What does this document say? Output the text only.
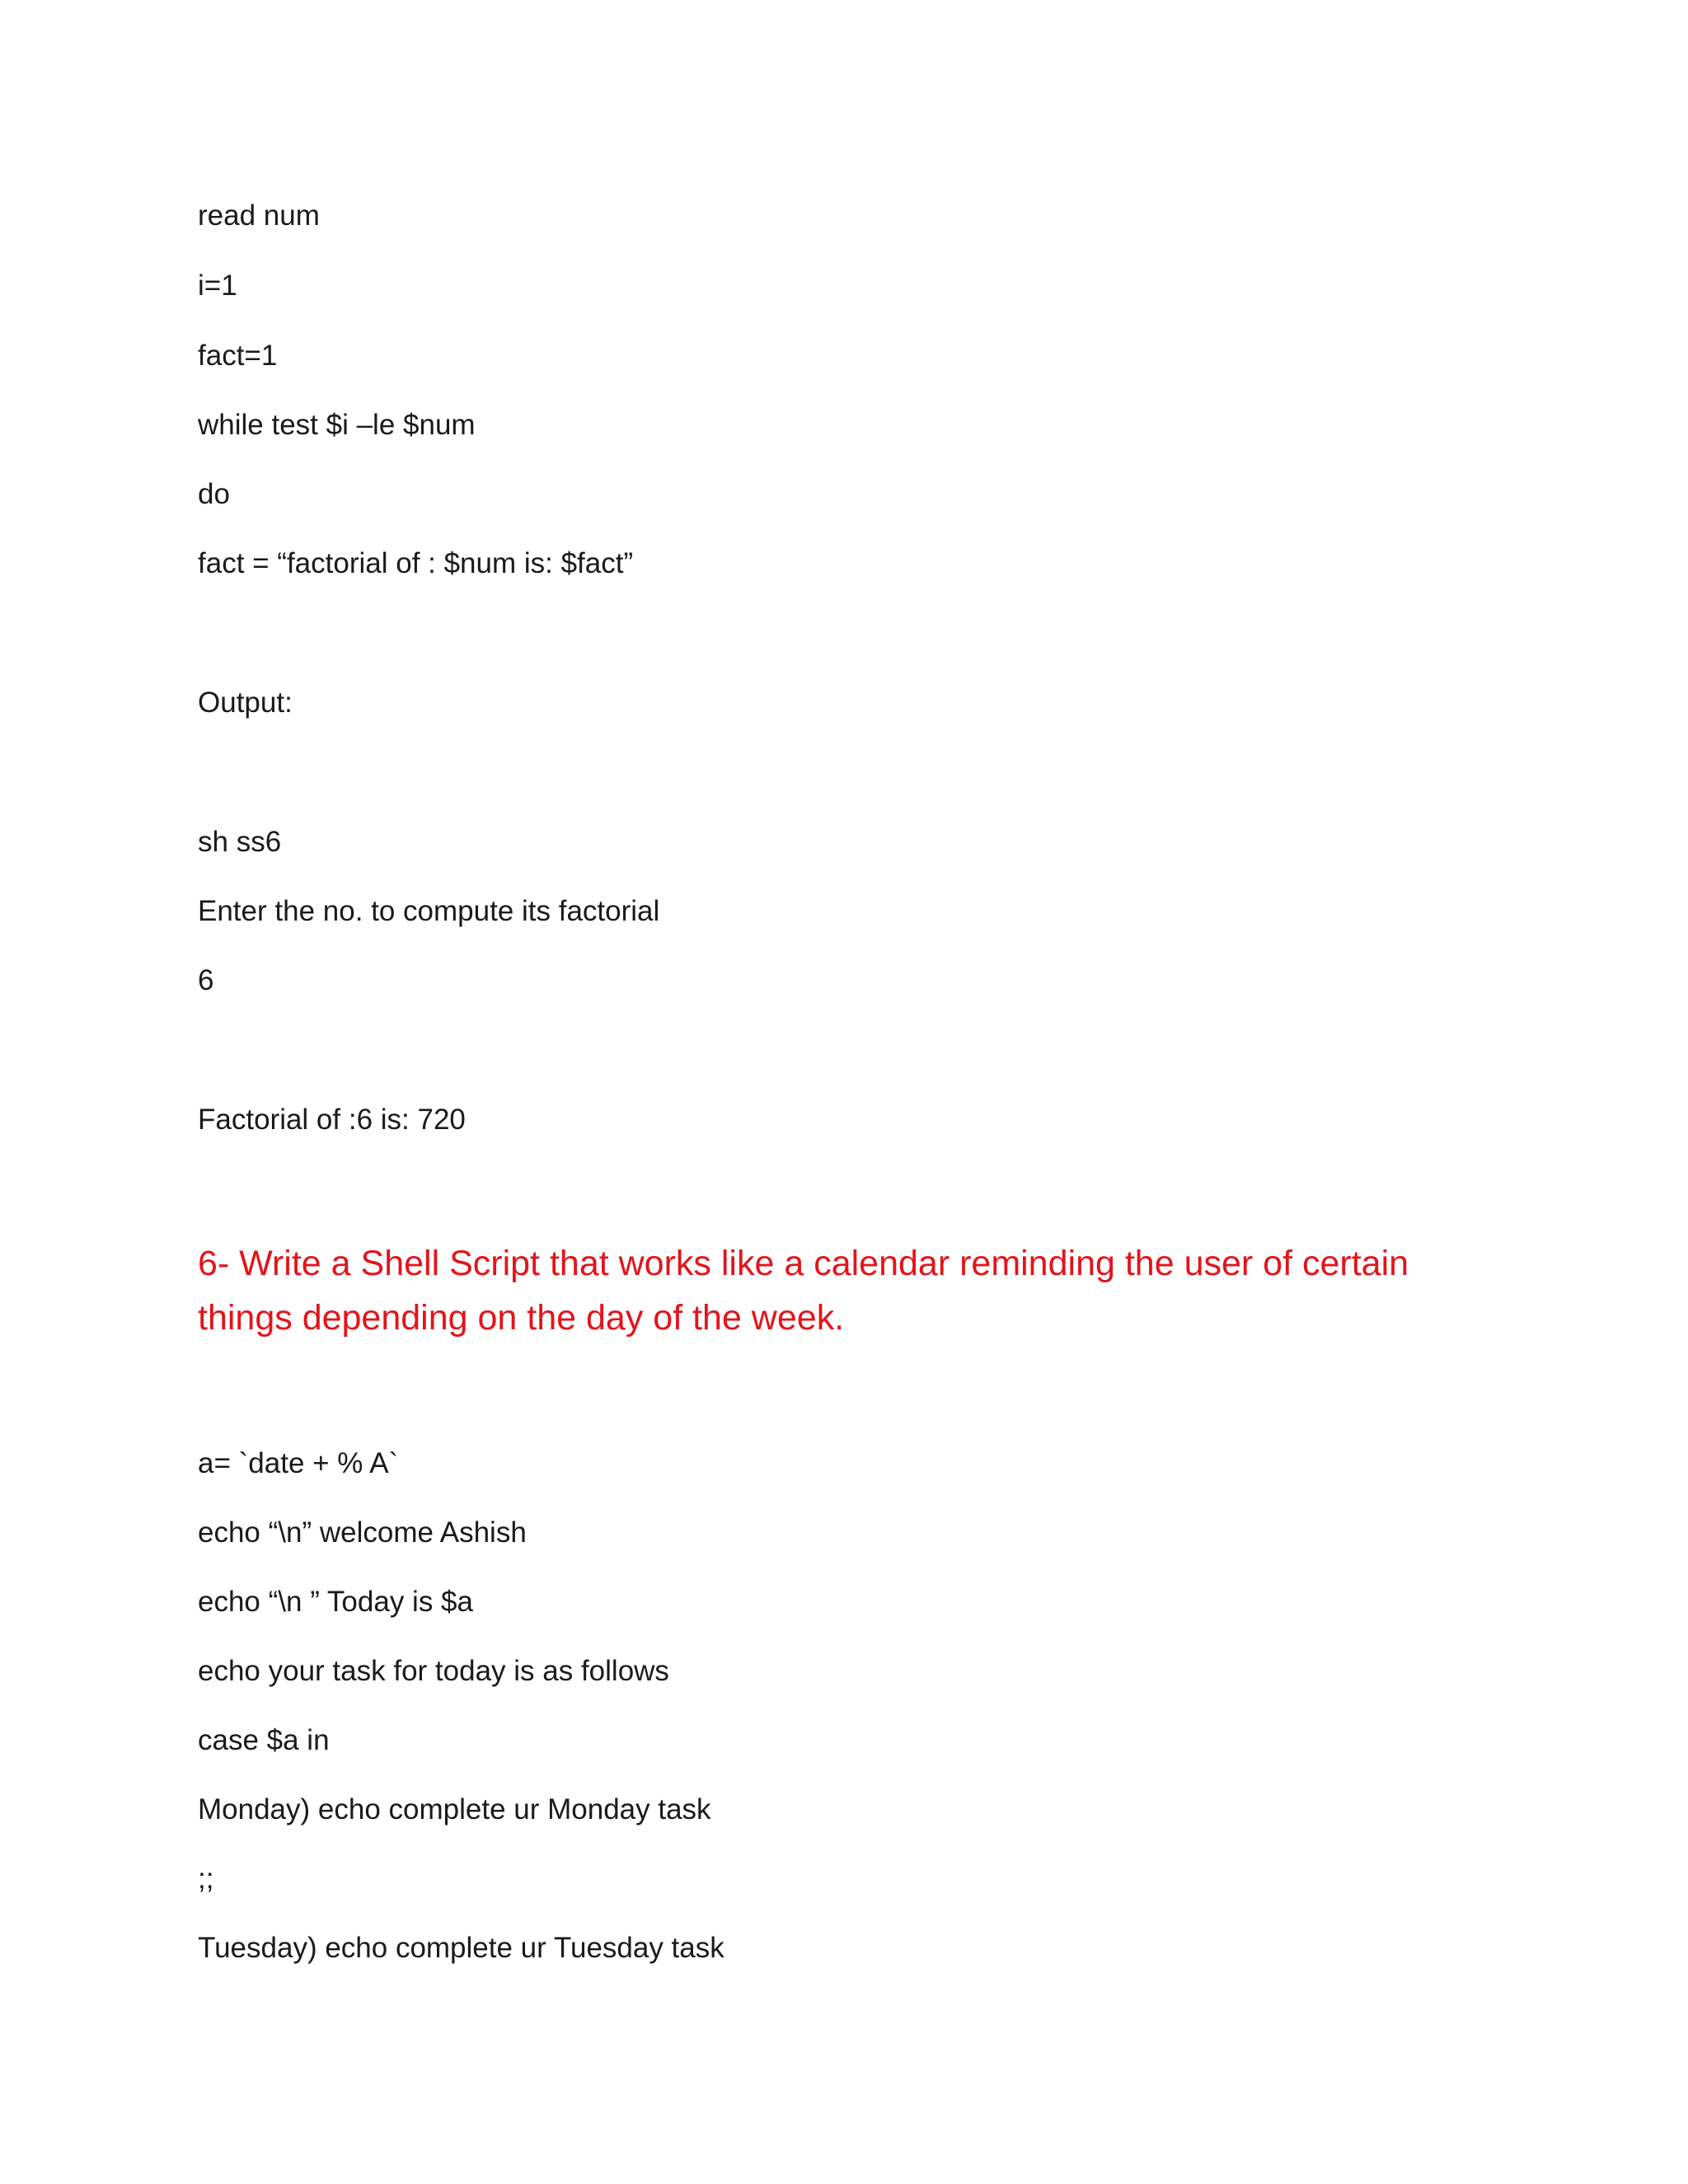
read num
i=1
fact=1
while test $i –le $num
do
fact = “factorial of : $num is: $fact”
Output:
sh ss6
Enter the no. to compute its factorial
6
Factorial of :6 is: 720
6- Write a Shell Script that works like a calendar reminding the user of certain things depending on the day of the week.
a= `date + % A`
echo “\n” welcome Ashish
echo “\n ” Today is $a
echo your task for today is as follows
case $a in
Monday) echo complete ur Monday task
;;
Tuesday) echo complete ur Tuesday task
